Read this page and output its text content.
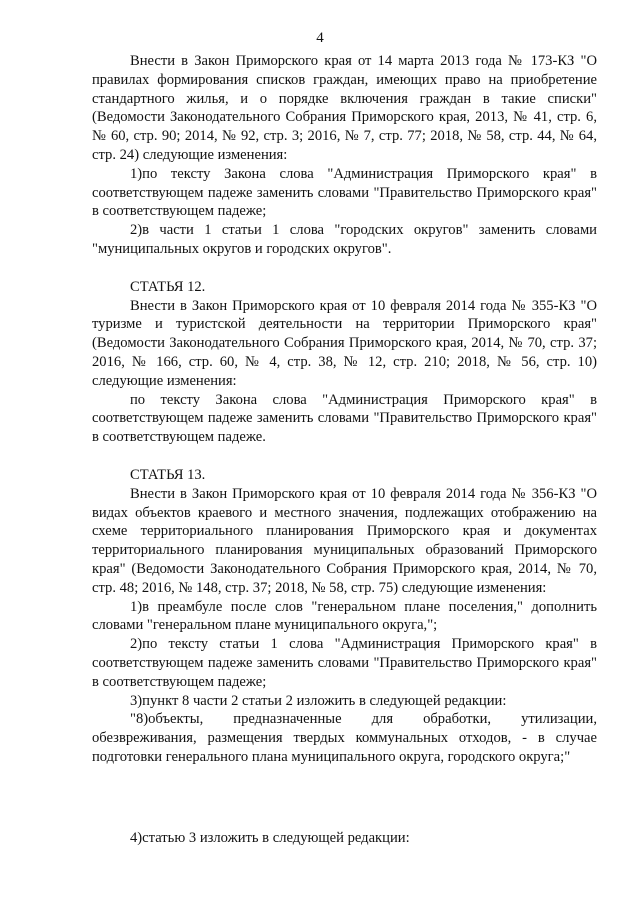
4

Внести в Закон Приморского края от 14 марта 2013 года № 173-КЗ "О правилах формирования списков граждан, имеющих право на приобретение стандартного жилья, и о порядке включения граждан в такие списки" (Ведомости Законодательного Собрания Приморского края, 2013, № 41, стр. 6, № 60, стр. 90; 2014, № 92, стр. 3; 2016, № 7, стр. 77; 2018, № 58, стр. 44, № 64, стр. 24) следующие изменения:

1)по тексту Закона слова "Администрация Приморского края" в соответствующем падеже заменить словами "Правительство Приморского края" в соответствующем падеже;

2)в части 1 статьи 1 слова "городских округов" заменить словами "муниципальных округов и городских округов".

СТАТЬЯ 12.

Внести в Закон Приморского края от 10 февраля 2014 года № 355-КЗ "О туризме и туристской деятельности на территории Приморского края" (Ведомости Законодательного Собрания Приморского края, 2014, № 70, стр. 37; 2016, № 166, стр. 60, № 4, стр. 38, № 12, стр. 210; 2018, № 56, стр. 10) следующие изменения:

по тексту Закона слова "Администрация Приморского края" в соответствующем падеже заменить словами "Правительство Приморского края" в соответствующем падеже.

СТАТЬЯ 13.

Внести в Закон Приморского края от 10 февраля 2014 года № 356-КЗ "О видах объектов краевого и местного значения, подлежащих отображению на схеме территориального планирования Приморского края и документах территориального планирования муниципальных образований Приморского края" (Ведомости Законодательного Собрания Приморского края, 2014, № 70, стр. 48; 2016, № 148, стр. 37; 2018, № 58, стр. 75) следующие изменения:

1)в преамбуле после слов "генеральном плане поселения," дополнить словами "генеральном плане муниципального округа,";

2)по тексту статьи 1 слова "Администрация Приморского края" в соответствующем падеже заменить словами "Правительство Приморского края" в соответствующем падеже;

3)пункт 8 части 2 статьи 2 изложить в следующей редакции:

"8)объекты, предназначенные для обработки, утилизации, обезвреживания, размещения твердых коммунальных отходов, - в случае подготовки генерального плана муниципального округа, городского округа;"

4)статью 3 изложить в следующей редакции:
